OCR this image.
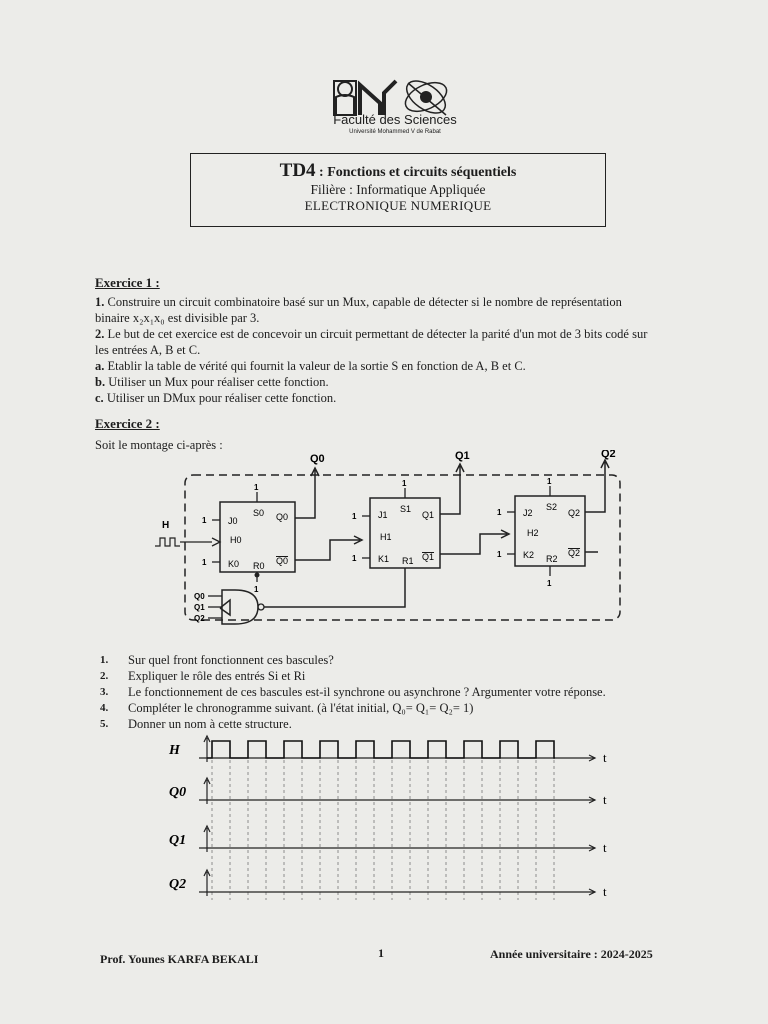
Faculté des Sciences
Université Mohammed V de Rabat
TD4 : Fonctions et circuits séquentiels
Filière : Informatique Appliquée
ELECTRONIQUE NUMERIQUE
Exercice 1 :
1. Construire un circuit combinatoire basé sur un Mux, capable de détecter si le nombre de représentation binaire x₂x₁x₀ est divisible par 3.
2. Le but de cet exercice est de concevoir un circuit permettant de détecter la parité d'un mot de 3 bits codé sur les entrées A, B et C.
a.
Etablir la table de vérité qui fournit la valeur de la sortie S en fonction de A, B et C.
b.
Utiliser un Mux pour réaliser cette fonction.
c.
Utiliser un DMux pour réaliser cette fonction.
Exercice 2 :
Soit le montage ci-après :
J0
S0 Q0
H0
K0 R0 Q0
J1
S1
Q1
H1
K1 R1 Q1
J2
S2
Q2
H2
K2 R2
Q2
1	1	1
1
1
1
1
1
1
1
1
H
Q0	Q1	Q2
Q0
Q1
Q2
1.	Sur quel front fonctionnent ces bascules?
2.	Expliquer le rôle des entrés Si et Ri
3.	Le fonctionnement de ces bascules est-il synchrone ou asynchrone ? Argumenter votre réponse.
4.	Compléter le chronogramme suivant. (à l'état initial, Q₀= Q₁= Q₂= 1)
5.	Donner un nom à cette structure.
H	t
Q0	t
Q1	t
Q2	t
Prof. Younes KARFA BEKALI	1	Année universitaire : 2024-2025
